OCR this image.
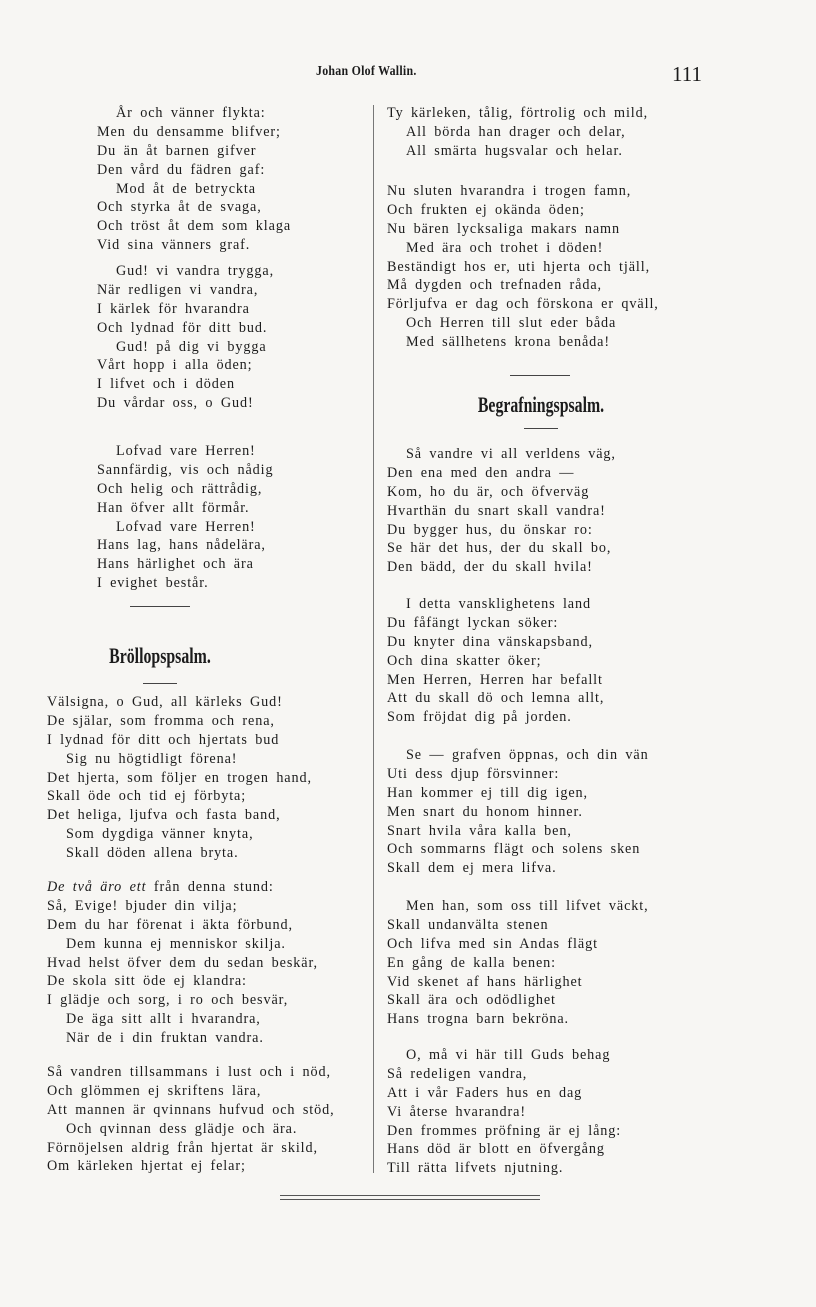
Johan Olof Wallin.	111
År och vänner flykta:
Men du densamme blifver;
Du än åt barnen gifver
Den vård du fädren gaf:
Mod åt de betryckta
Och styrka åt de svaga,
Och tröst åt dem som klaga
Vid sina vänners graf.
Gud! vi vandra trygga,
När redligen vi vandra,
I kärlek för hvarandra
Och lydnad för ditt bud.
Gud! på dig vi bygga
Vårt hopp i alla öden;
I lifvet och i döden
Du vårdar oss, o Gud!
Lofvad vare Herren!
Sannfärdig, vis och nådig
Och helig och rättrådig,
Han öfver allt förmår.
Lofvad vare Herren!
Hans lag, hans nådelära,
Hans härlighet och ära
I evighet består.
Bröllopspsalm.
Välsigna, o Gud, all kärleks Gud!
De själar, som fromma och rena,
I lydnad för ditt och hjertats bud
Sig nu högtidligt förena!
Det hjerta, som följer en trogen hand,
Skall öde och tid ej förbyta;
Det heliga, ljufva och fasta band,
Som dygdiga vänner knyta,
Skall döden allena bryta.
De två äro ett från denna stund:
Så, Evige! bjuder din vilja;
Dem du har förenat i äkta förbund,
Dem kunna ej menniskor skilja.
Hvad helst öfver dem du sedan beskär,
De skola sitt öde ej klandra:
I glädje och sorg, i ro och besvär,
De äga sitt allt i hvarandra,
När de i din fruktan vandra.
Så vandren tillsammans i lust och i nöd,
Och glömmen ej skriftens lära,
Att mannen är qvinnans hufvud och stöd,
Och qvinnan dess glädje och ära.
Förnöjelsen aldrig från hjertat är skild,
Om kärleken hjertat ej felar;
Ty kärleken, tålig, förtrolig och mild,
All börda han drager och delar,
All smärta hugsvalar och helar.
Nu sluten hvarandra i trogen famn,
Och frukten ej okända öden;
Nu bären lycksaliga makars namn
Med ära och trohet i döden!
Beständigt hos er, uti hjerta och tjäll,
Må dygden och trefnaden råda,
Förljufva er dag och förskona er qväll,
Och Herren till slut eder båda
Med sällhetens krona benåda!
Begrafningspsalm.
Så vandre vi all verldens väg,
Den ena med den andra —
Kom, ho du är, och öfverväg
Hvarthän du snart skall vandra!
Du bygger hus, du önskar ro:
Se här det hus, der du skall bo,
Den bädd, der du skall hvila!
I detta vansklighetens land
Du fåfängt lyckan söker:
Du knyter dina vänskapsband,
Och dina skatter öker;
Men Herren, Herren har befallt
Att du skall dö och lemna allt,
Som fröjdat dig på jorden.
Se — grafven öppnas, och din vän
Uti dess djup försvinner:
Han kommer ej till dig igen,
Men snart du honom hinner.
Snart hvila våra kalla ben,
Och sommarns flägt och solens sken
Skall dem ej mera lifva.
Men han, som oss till lifvet väckt,
Skall undanvälta stenen
Och lifva med sin Andas flägt
En gång de kalla benen:
Vid skenet af hans härlighet
Skall ära och odödlighet
Hans trogna barn bekröna.
O, må vi här till Guds behag
Så redeligen vandra,
Att i vår Faders hus en dag
Vi återse hvarandra!
Den frommes pröfning är ej lång:
Hans död är blott en öfvergång
Till rätta lifvets njutning.
